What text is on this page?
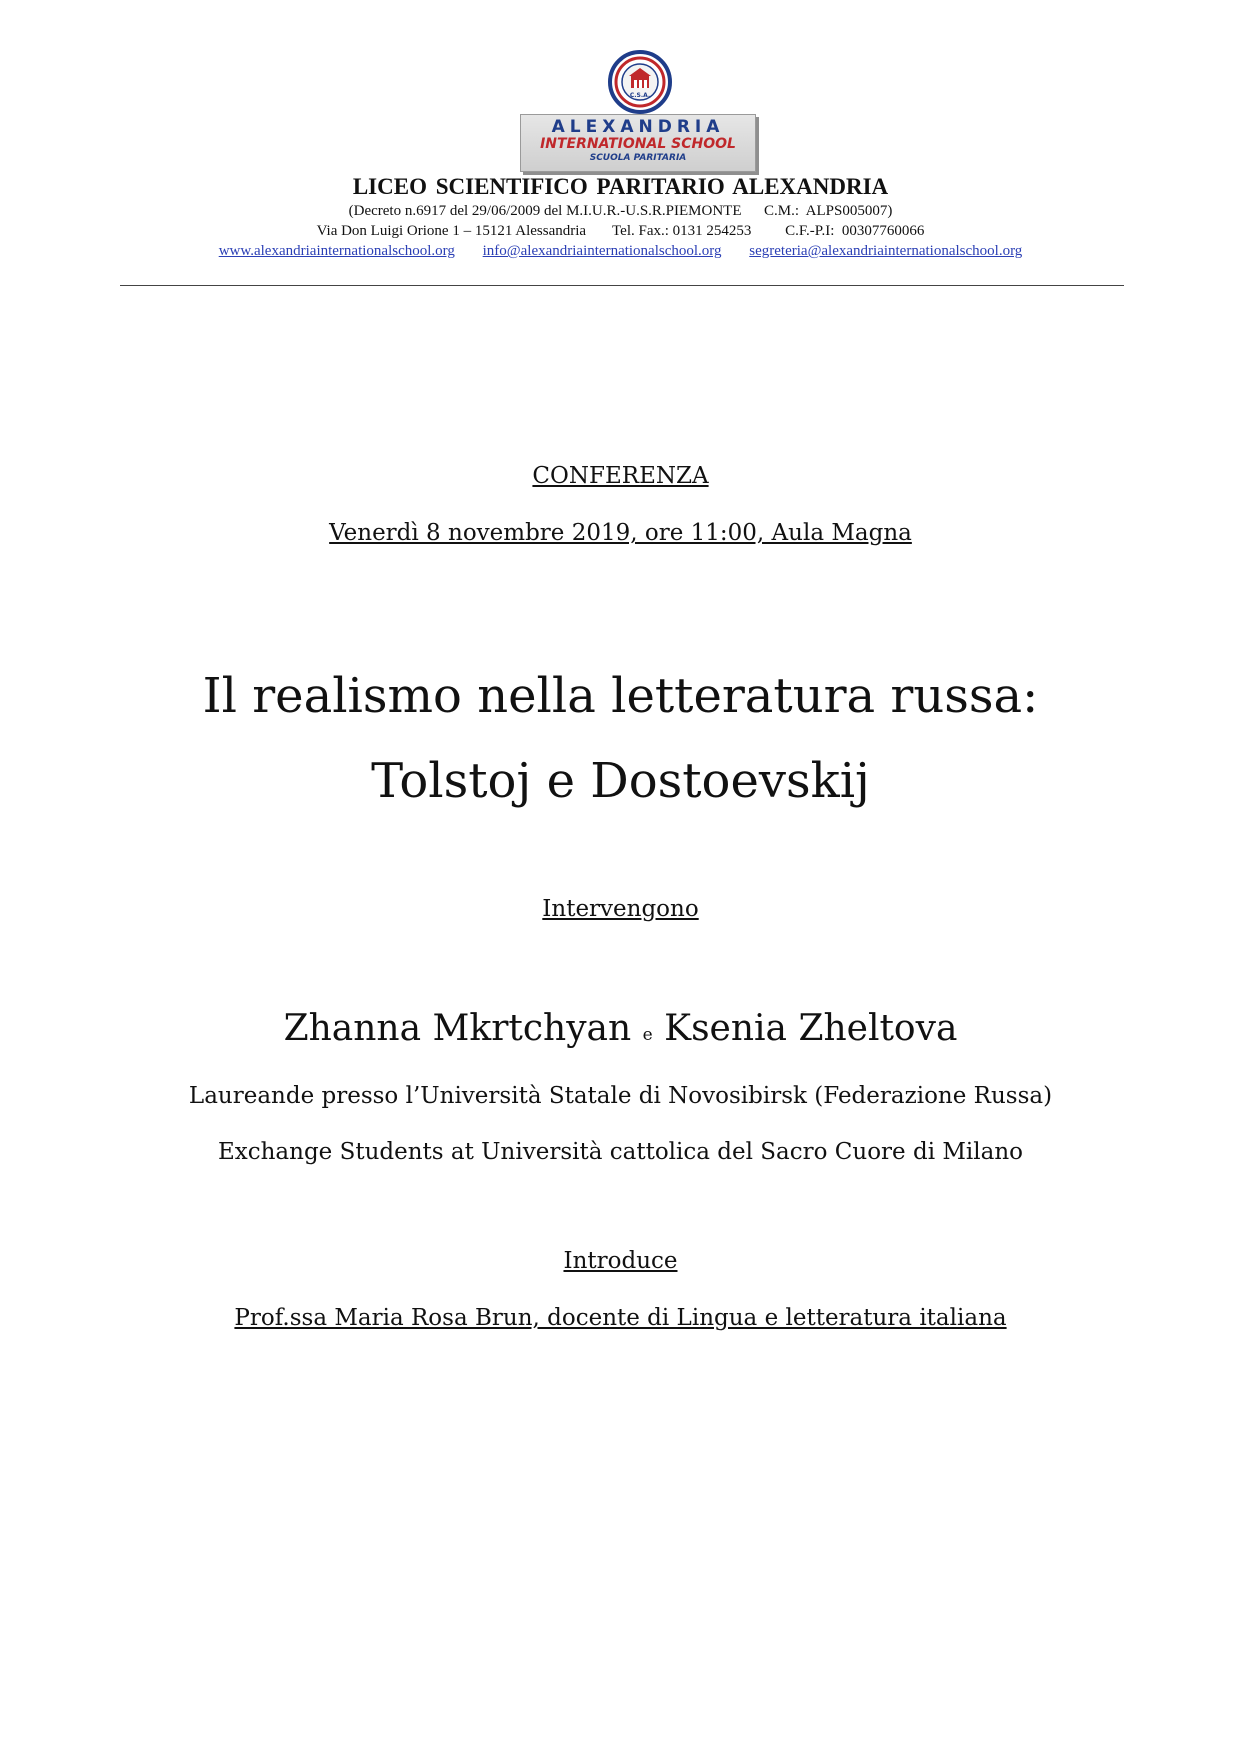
C.S.A.
ALEXANDRIA
INTERNATIONAL SCHOOL
SCUOLA PARITARIA
LICEO SCIENTIFICO PARITARIO ALEXANDRIA
(Decreto n.6917 del 29/06/2009 del M.I.U.R.-U.S.R.PIEMONTE      C.M.:  ALPS005007)
Via Don Luigi Orione 1 – 15121 Alessandria       Tel. Fax.: 0131 254253         C.F.-P.I:  00307760066
www.alexandriainternationalschool.org info@alexandriainternationalschool.org segreteria@alexandriainternationalschool.org
CONFERENZA
Venerdì 8 novembre 2019, ore 11:00, Aula Magna
Il realismo nella letteratura russa:
Tolstoj e Dostoevskij
Intervengono
Zhanna Mkrtchyan e Ksenia Zheltova
Laureande presso l’Università Statale di Novosibirsk (Federazione Russa)
Exchange Students at Università cattolica del Sacro Cuore di Milano
Introduce
Prof.ssa Maria Rosa Brun, docente di Lingua e letteratura italiana
